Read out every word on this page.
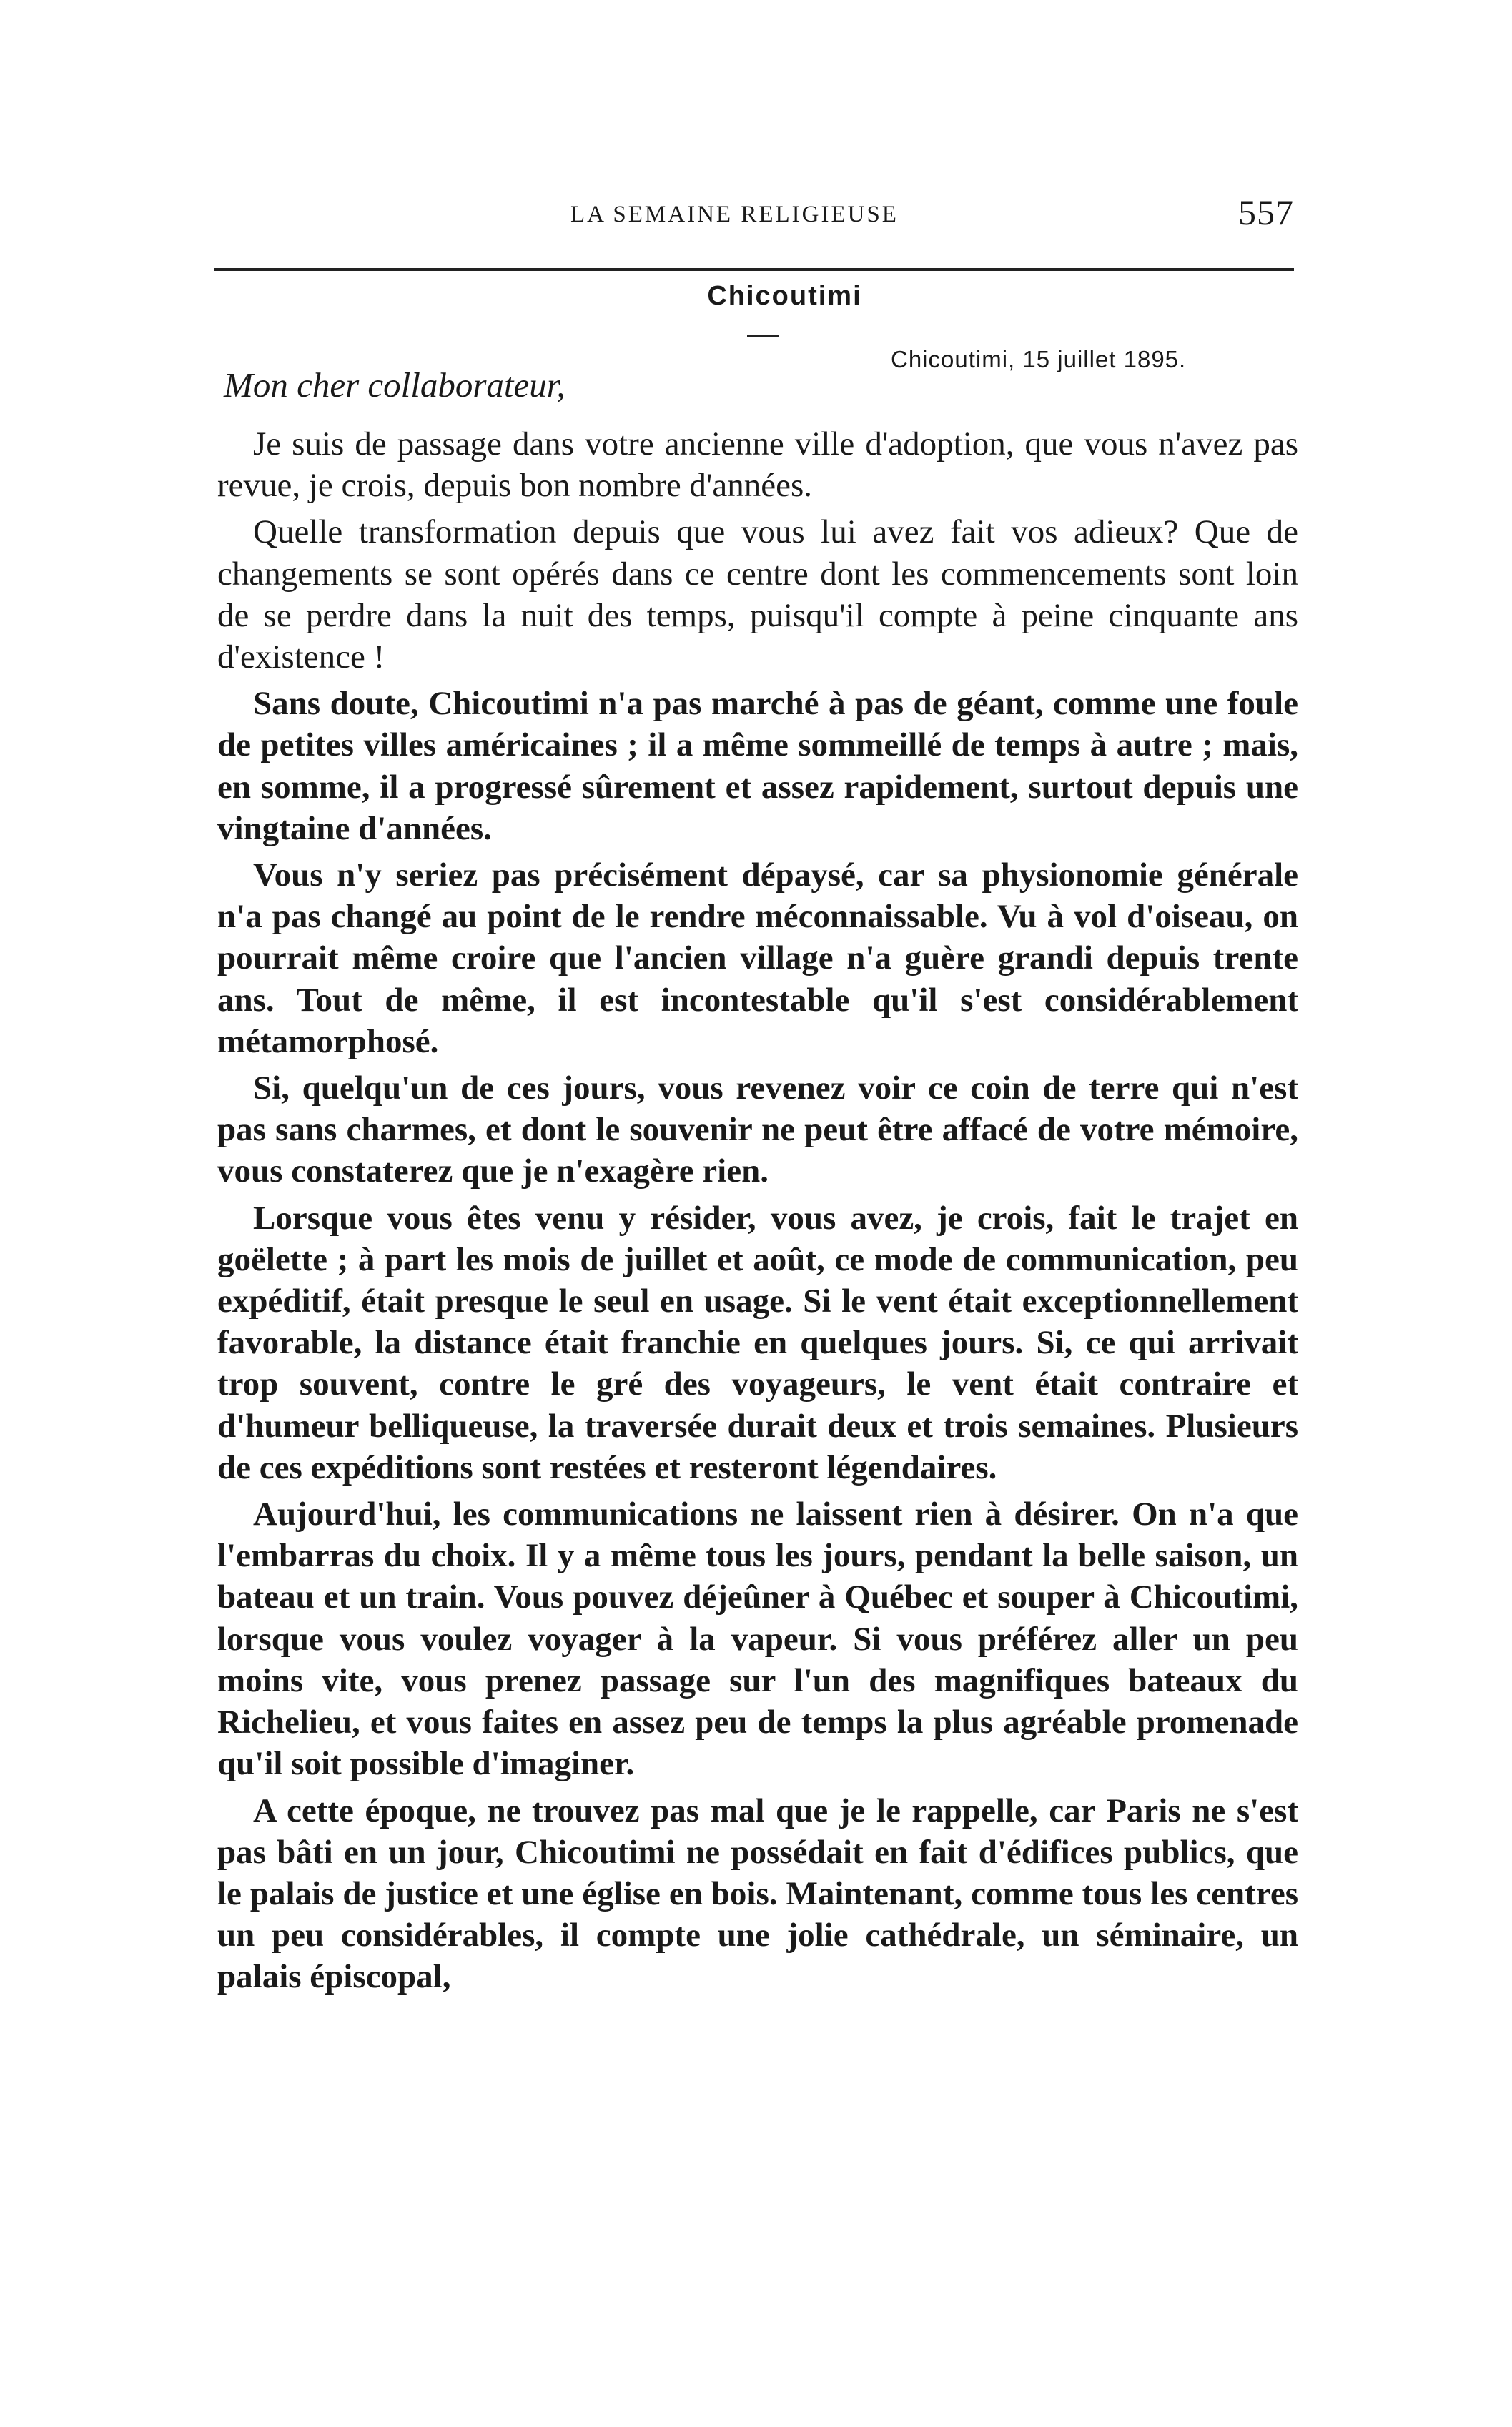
LA SEMAINE RELIGIEUSE	557
Chicoutimi
Chicoutimi, 15 juillet 1895.
Mon cher collaborateur,

Je suis de passage dans votre ancienne ville d'adoption, que vous n'avez pas revue, je crois, depuis bon nombre d'années.

Quelle transformation depuis que vous lui avez fait vos adieux? Que de changements se sont opérés dans ce centre dont les commencements sont loin de se perdre dans la nuit des temps, puisqu'il compte à peine cinquante ans d'existence !

Sans doute, Chicoutimi n'a pas marché à pas de géant, comme une foule de petites villes américaines ; il a même sommeillé de temps à autre ; mais, en somme, il a progressé sûrement et assez rapidement, surtout depuis une vingtaine d'années.

Vous n'y seriez pas précisément dépaysé, car sa physionomie générale n'a pas changé au point de le rendre méconnaissable. Vu à vol d'oiseau, on pourrait même croire que l'ancien village n'a guère grandi depuis trente ans. Tout de même, il est incontestable qu'il s'est considérablement métamorphosé.

Si, quelqu'un de ces jours, vous revenez voir ce coin de terre qui n'est pas sans charmes, et dont le souvenir ne peut être affacé de votre mémoire, vous constaterez que je n'exagère rien.

Lorsque vous êtes venu y résider, vous avez, je crois, fait le trajet en goëlette ; à part les mois de juillet et août, ce mode de communication, peu expéditif, était presque le seul en usage. Si le vent était exceptionnellement favorable, la distance était franchie en quelques jours. Si, ce qui arrivait trop souvent, contre le gré des voyageurs, le vent était contraire et d'humeur belliqueuse, la traversée durait deux et trois semaines. Plusieurs de ces expéditions sont restées et resteront légendaires.

Aujourd'hui, les communications ne laissent rien à désirer. On n'a que l'embarras du choix. Il y a même tous les jours, pendant la belle saison, un bateau et un train. Vous pouvez déjeûner à Québec et souper à Chicoutimi, lorsque vous voulez voyager à la vapeur. Si vous préférez aller un peu moins vite, vous prenez passage sur l'un des magnifiques bateaux du Richelieu, et vous faites en assez peu de temps la plus agréable promenade qu'il soit possible d'imaginer.

A cette époque, ne trouvez pas mal que je le rappelle, car Paris ne s'est pas bâti en un jour, Chicoutimi ne possédait en fait d'édifices publics, que le palais de justice et une église en bois. Maintenant, comme tous les centres un peu considérables, il compte une jolie cathédrale, un séminaire, un palais épiscopal,
